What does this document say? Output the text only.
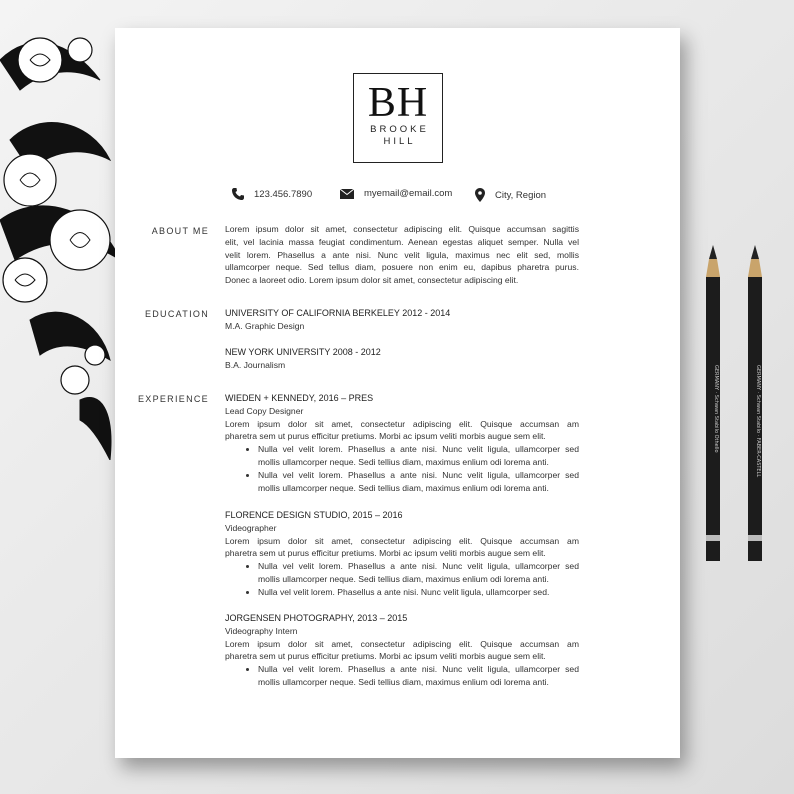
GERMANY · Schwan Stabilo Othello	GERMANY · Schwan Stabilo · FABER-CASTELL
BH
BROOKE
HILL
123.456.7890	myemail@email.com	City, Region
ABOUT ME Lorem ipsum dolor sit amet, consectetur adipiscing elit. Quisque accumsan sagittis
elit, vel lacinia massa feugiat condimentum. Aenean egestas aliquet semper. Nulla vel
velit lorem. Phasellus a ante nisi. Nunc velit ligula, maximus nec elit sed, mollis
ullamcorper neque. Sed tellus diam, posuere non enim eu, dapibus pharetra purus.
Donec a laoreet odio. Lorem ipsum dolor sit amet, consectetur adipiscing elit.
EDUCATION UNIVERSITY OF CALIFORNIA BERKELEY 2012 - 2014
M.A. Graphic Design
NEW YORK UNIVERSITY 2008 - 2012
B.A. Journalism
EXPERIENCE WIEDEN + KENNEDY, 2016 – PRES
Lead Copy Designer
Lorem ipsum dolor sit amet, consectetur adipiscing elit. Quisque accumsan am
pharetra sem ut purus efficitur pretiums. Morbi ac ipsum veliti morbis augue sem elit.
• Nulla vel velit lorem. Phasellus a ante nisi. Nunc velit ligula, ullamcorper sed
mollis ullamcorper neque. Sedi tellius diam, maximus enlium odi lorema anti.
• Nulla vel velit lorem. Phasellus a ante nisi. Nunc velit ligula, ullamcorper sed
mollis ullamcorper neque. Sedi tellius diam, maximus enlium odi lorema anti.
FLORENCE DESIGN STUDIO, 2015 – 2016
Videographer
Lorem ipsum dolor sit amet, consectetur adipiscing elit. Quisque accumsan am
pharetra sem ut purus efficitur pretiums. Morbi ac ipsum veliti morbis augue sem elit.
• Nulla vel velit lorem. Phasellus a ante nisi. Nunc velit ligula, ullamcorper sed
mollis ullamcorper neque. Sedi tellius diam, maximus enlium odi lorema anti.
• Nulla vel velit lorem. Phasellus a ante nisi. Nunc velit ligula, ullamcorper sed.
JORGENSEN PHOTOGRAPHY, 2013 – 2015
Videography Intern
Lorem ipsum dolor sit amet, consectetur adipiscing elit. Quisque accumsan am
pharetra sem ut purus efficitur pretiums. Morbi ac ipsum veliti morbis augue sem elit.
• Nulla vel velit lorem. Phasellus a ante nisi. Nunc velit ligula, ullamcorper sed
mollis ullamcorper neque. Sedi tellius diam, maximus enlium odi lorema anti.
